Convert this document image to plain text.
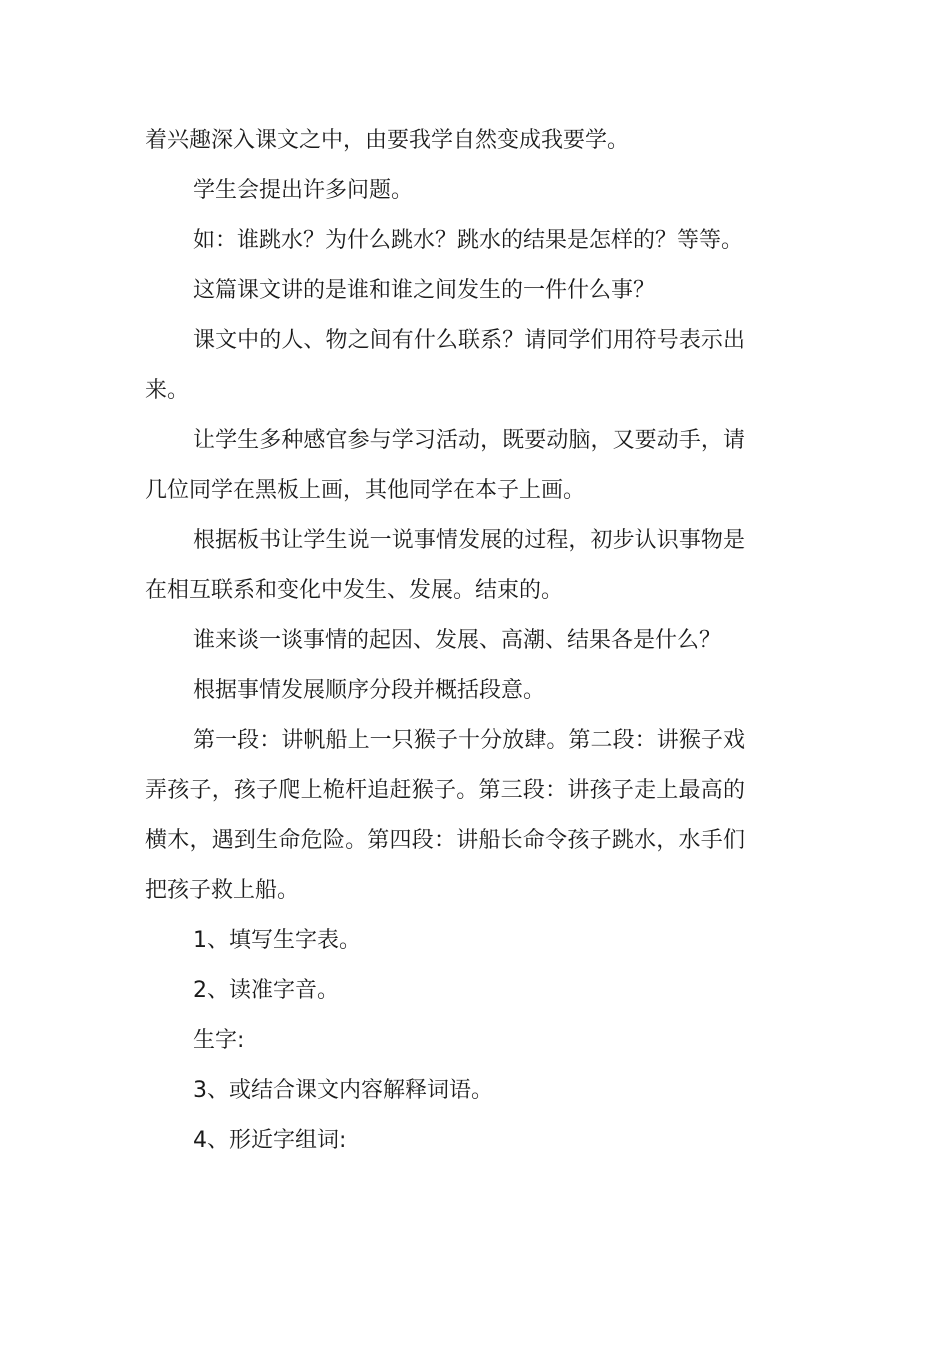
着兴趣深入课文之中，由要我学自然变成我要学。

学生会提出许多问题。

如：谁跳水？为什么跳水？跳水的结果是怎样的？等等。

这篇课文讲的是谁和谁之间发生的一件什么事？

课文中的人、物之间有什么联系？请同学们用符号表示出来。

让学生多种感官参与学习活动，既要动脑，又要动手，请几位同学在黑板上画，其他同学在本子上画。

根据板书让学生说一说事情发展的过程，初步认识事物是在相互联系和变化中发生、发展。结束的。

谁来谈一谈事情的起因、发展、高潮、结果各是什么？

根据事情发展顺序分段并概括段意。

第一段：讲帆船上一只猴子十分放肆。第二段：讲猴子戏弄孩子，孩子爬上桅杆追赶猴子。第三段：讲孩子走上最高的横木，遇到生命危险。第四段：讲船长命令孩子跳水，水手们把孩子救上船。

1、填写生字表。

2、读准字音。

生字:

3、或结合课文内容解释词语。

4、形近字组词:
